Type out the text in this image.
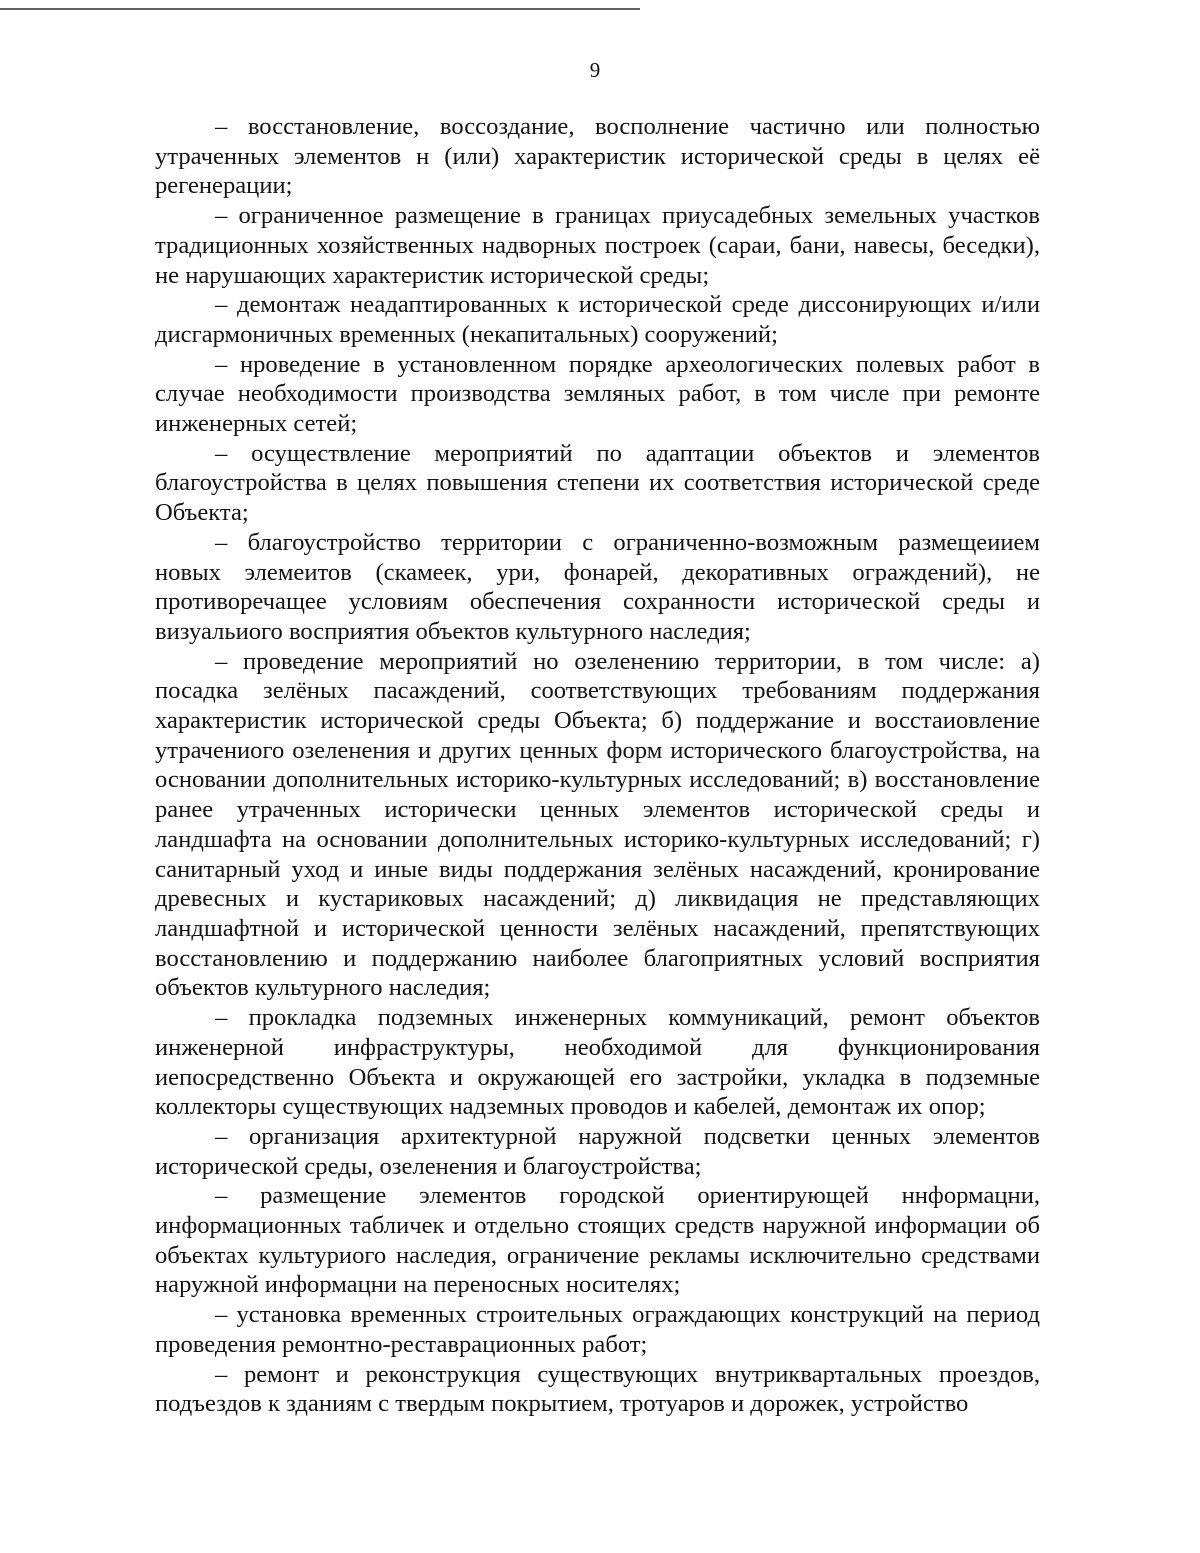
9

– восстановление, воссоздание, восполнение частично или полностью утраченных элементов н (или) характеристик исторической среды в целях её регенерации;

– ограниченное размещение в границах приусадебных земельных участков традиционных хозяйственных надворных построек (сараи, бани, навесы, беседки), не нарушающих характеристик исторической среды;

– демонтаж неадаптированных к исторической среде диссонирующих и/или дисгармоничных временных (некапитальных) сооружений;

– нроведение в установленном порядке археологических полевых работ в случае необходимости производства земляных работ, в том числе при ремонте инженерных сетей;

– осуществление мероприятий по адаптации объектов и элементов благоустройства в целях повышения степени их соответствия исторической среде Объекта;

– благоустройство территории с ограниченно-возможным размещеиием новых элемеитов (скамеек, ури, фонарей, декоративных ограждений), не противоречащее условиям обеспечения сохранности исторической среды и визуальиого восприятия объектов культурного наследия;

– проведение мероприятий но озеленению территории, в том числе: а) посадка зелёных пасаждений, соответствующих требованиям поддержания характеристик исторической среды Объекта; б) поддержание и восстаиовление утрачениого озеленения и других ценных форм исторического благоустройства, на основании дополнительных историко-культурных исследований; в) восстановление ранее утраченных исторически ценных элементов исторической среды и ландшафта на основании дополнительных историко-культурных исследований; г) санитарный уход и иные виды поддержания зелёных насаждений, кронирование древесных и кустариковых насаждений; д) ликвидация не представляющих ландшафтной и исторической ценности зелёных насаждений, препятствующих восстановлению и поддержанию наиболее благоприятных условий восприятия объектов культурного наследия;

– прокладка подземных инженерных коммуникаций, ремонт объектов инженерной инфраструктуры, необходимой для функционирования иепосредственно Объекта и окружающей его застройки, укладка в подземные коллекторы существующих надземных проводов и кабелей, демонтаж их опор;

– организация архитектурной наружной подсветки ценных элементов исторической среды, озеленения и благоустройства;

– размещение элементов городской ориентирующей ннформацни, информационных табличек и отдельно стоящих средств наружной информации об объектах культуриого наследия, ограничение рекламы исключительно средствами наружной информацни на переносных носителях;

– установка временных строительных ограждающих конструкций на период проведения ремонтно-реставрационных работ;

– ремонт и реконструкция существующих внутриквартальных проездов, подъездов к зданиям с твердым покрытием, тротуаров и дорожек, устройство
